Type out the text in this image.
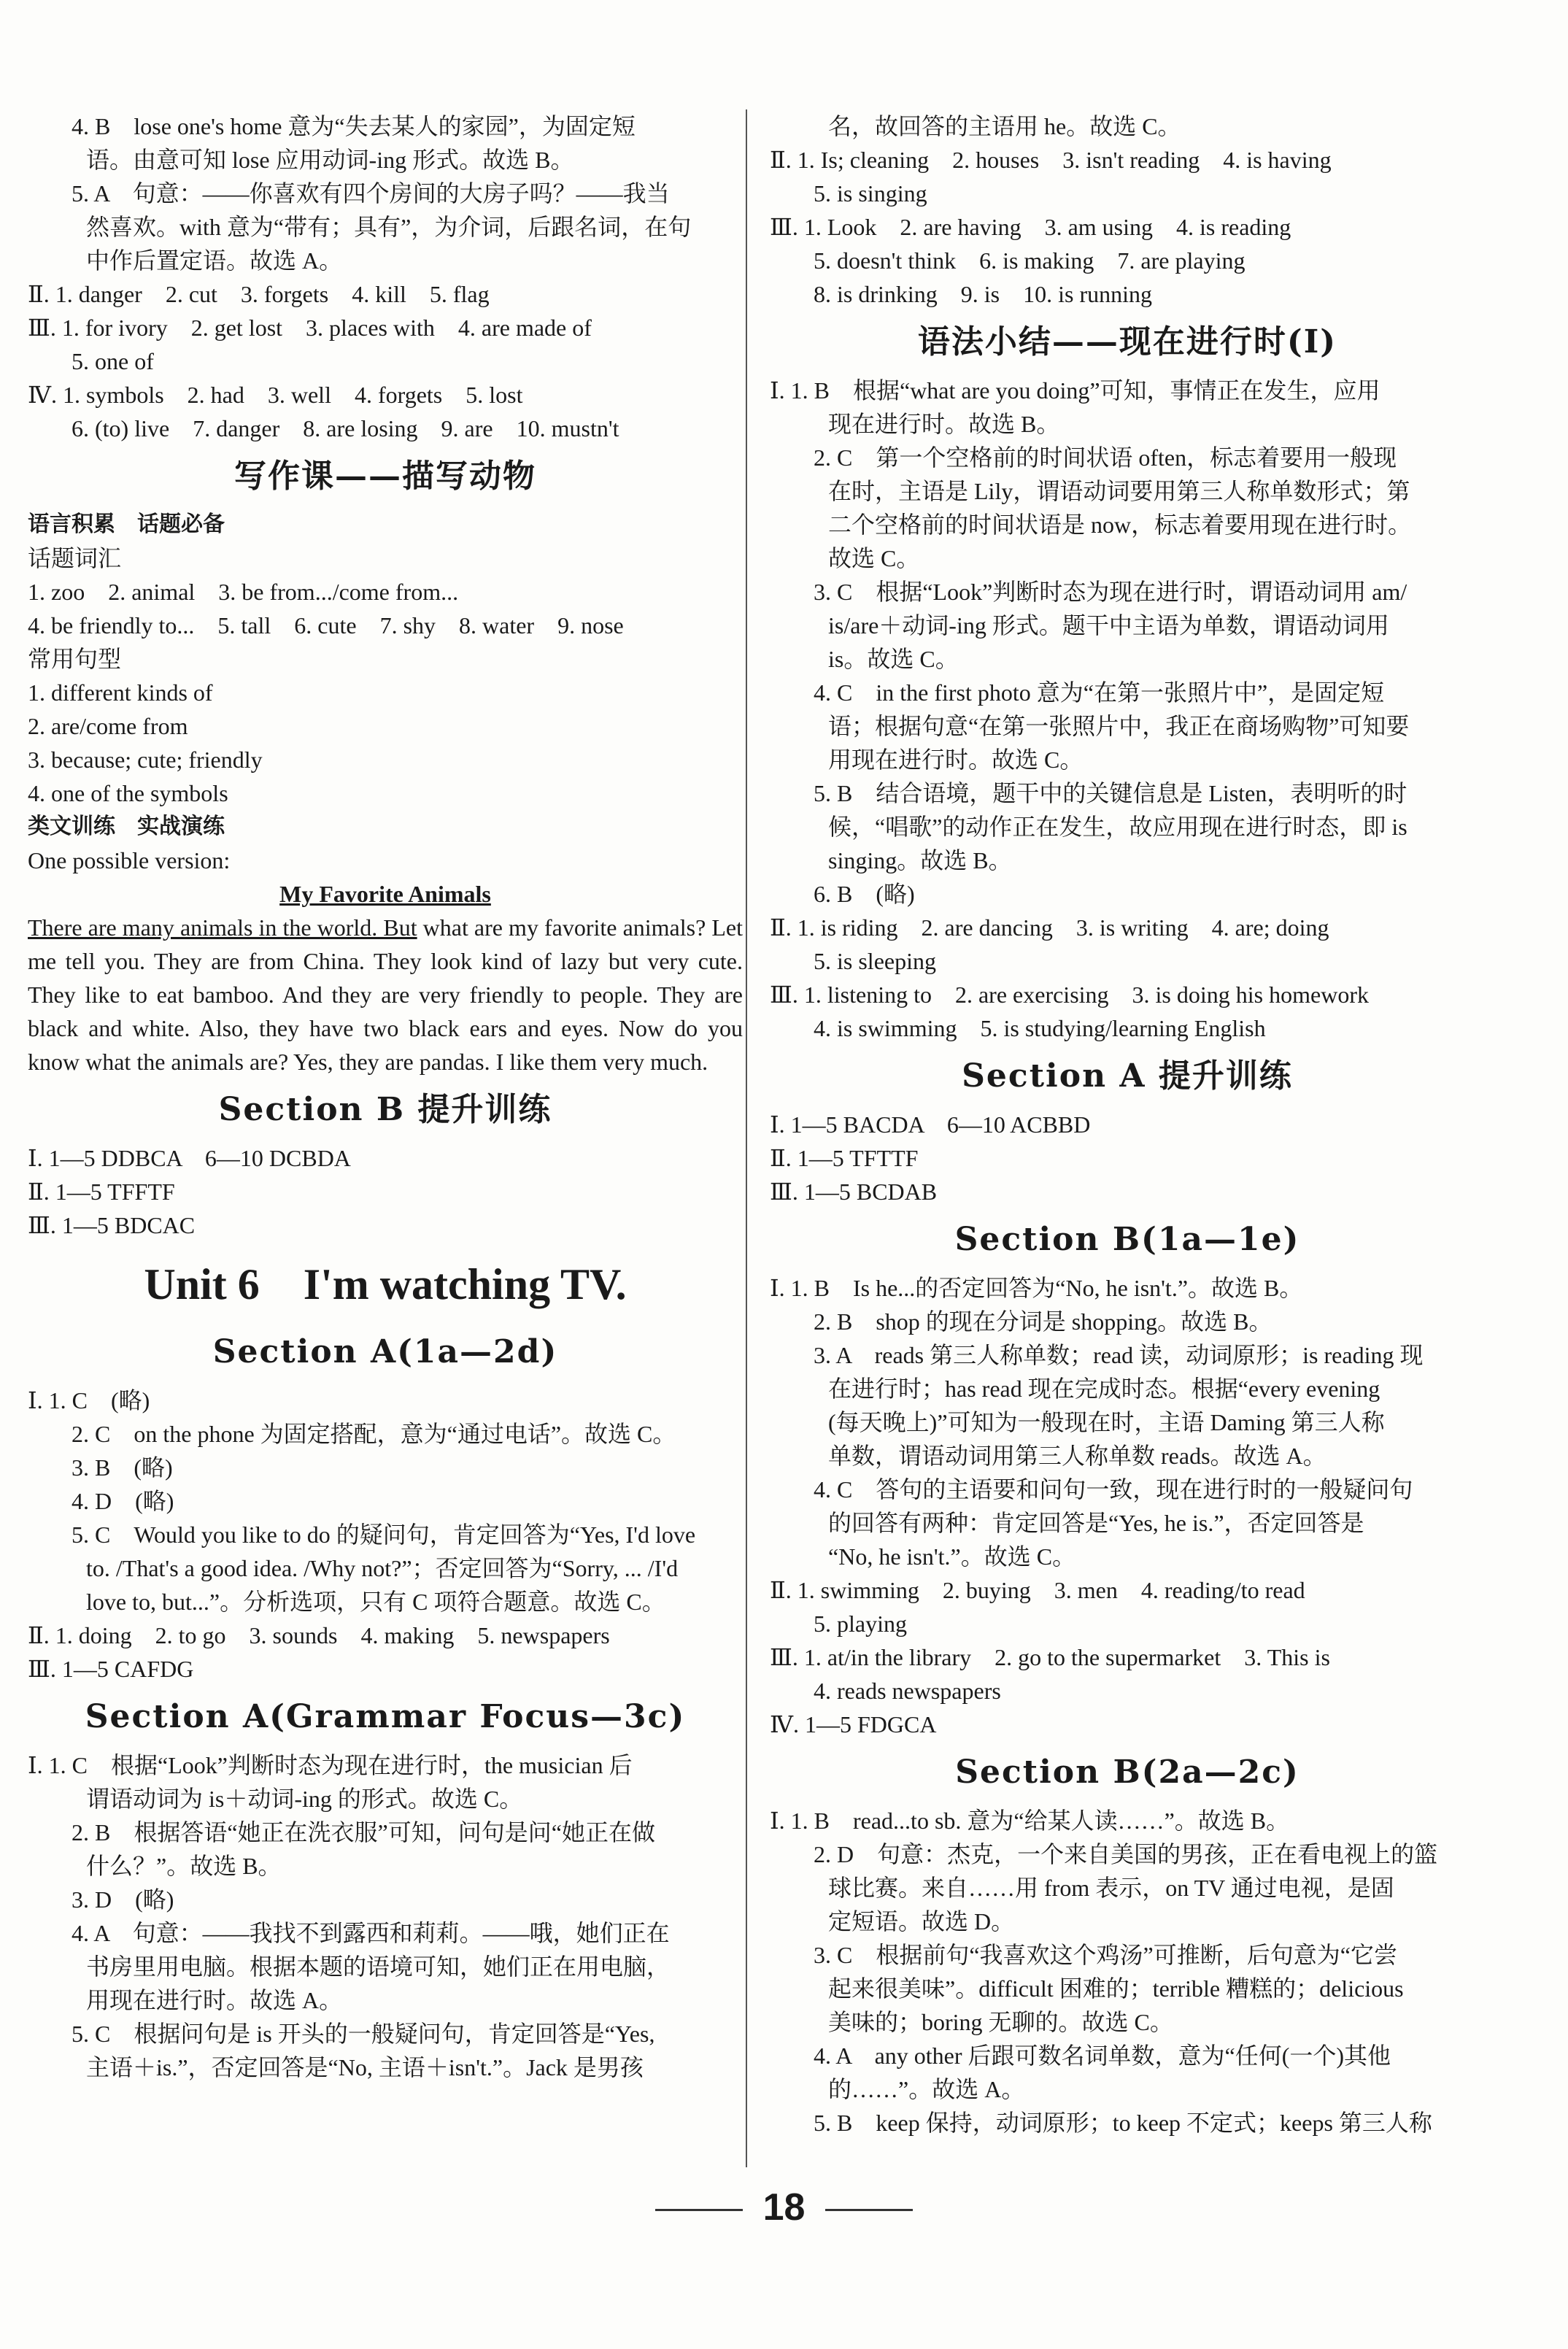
4. B　lose one's home 意为“失去某人的家园”，为固定短
语。由意可知 lose 应用动词-ing 形式。故选 B。
5. A　句意：——你喜欢有四个房间的大房子吗？——我当
然喜欢。with 意为“带有；具有”，为介词，后跟名词，在句
中作后置定语。故选 A。
Ⅱ. 1. danger　2. cut　3. forgets　4. kill　5. flag
Ⅲ. 1. for ivory　2. get lost　3. places with　4. are made of
5. one of
Ⅳ. 1. symbols　2. had　3. well　4. forgets　5. lost
6. (to) live　7. danger　8. are losing　9. are　10. mustn't
写作课——描写动物
语言积累　话题必备
话题词汇
1. zoo　2. animal　3. be from.../come from...
4. be friendly to...　5. tall　6. cute　7. shy　8. water　9. nose
常用句型
1. different kinds of
2. are/come from
3. because; cute; friendly
4. one of the symbols
类文训练　实战演练
One possible version:
My Favorite Animals
There are many animals in the world. But what are my favorite animals? Let me tell you. They are from China. They look kind of lazy but very cute. They like to eat bamboo. And they are very friendly to people. They are black and white. Also, they have two black ears and eyes. Now do you know what the animals are? Yes, they are pandas. I like them very much.
Section B 提升训练
Ⅰ. 1—5 DDBCA　6—10 DCBDA
Ⅱ. 1—5 TFFTF
Ⅲ. 1—5 BDCAC
Unit 6　I'm watching TV.
Section A(1a—2d)
Ⅰ. 1. C　(略)
2. C　on the phone 为固定搭配，意为“通过电话”。故选 C。
3. B　(略)
4. D　(略)
5. C　Would you like to do 的疑问句，肯定回答为“Yes, I'd love
to. /That's a good idea. /Why not?”；否定回答为“Sorry, ... /I'd
love to, but...”。分析选项，只有 C 项符合题意。故选 C。
Ⅱ. 1. doing　2. to go　3. sounds　4. making　5. newspapers
Ⅲ. 1—5 CAFDG
Section A(Grammar Focus—3c)
Ⅰ. 1. C　根据“Look”判断时态为现在进行时，the musician 后
谓语动词为 is＋动词-ing 的形式。故选 C。
2. B　根据答语“她正在洗衣服”可知，问句是问“她正在做
什么？”。故选 B。
3. D　(略)
4. A　句意：——我找不到露西和莉莉。——哦，她们正在
书房里用电脑。根据本题的语境可知，她们正在用电脑，
用现在进行时。故选 A。
5. C　根据问句是 is 开头的一般疑问句，肯定回答是“Yes,
主语＋is.”，否定回答是“No, 主语＋isn't.”。Jack 是男孩
名，故回答的主语用 he。故选 C。
Ⅱ. 1. Is; cleaning　2. houses　3. isn't reading　4. is having
5. is singing
Ⅲ. 1. Look　2. are having　3. am using　4. is reading
5. doesn't think　6. is making　7. are playing
8. is drinking　9. is　10. is running
语法小结——现在进行时(Ⅰ)
Ⅰ. 1. B　根据“what are you doing”可知，事情正在发生，应用
现在进行时。故选 B。
2. C　第一个空格前的时间状语 often，标志着要用一般现
在时，主语是 Lily，谓语动词要用第三人称单数形式；第
二个空格前的时间状语是 now，标志着要用现在进行时。
故选 C。
3. C　根据“Look”判断时态为现在进行时，谓语动词用 am/
is/are＋动词-ing 形式。题干中主语为单数，谓语动词用
is。故选 C。
4. C　in the first photo 意为“在第一张照片中”，是固定短
语；根据句意“在第一张照片中，我正在商场购物”可知要
用现在进行时。故选 C。
5. B　结合语境，题干中的关键信息是 Listen，表明听的时
候，“唱歌”的动作正在发生，故应用现在进行时态，即 is
singing。故选 B。
6. B　(略)
Ⅱ. 1. is riding　2. are dancing　3. is writing　4. are; doing
5. is sleeping
Ⅲ. 1. listening to　2. are exercising　3. is doing his homework
4. is swimming　5. is studying/learning English
Section A 提升训练
Ⅰ. 1—5 BACDA　6—10 ACBBD
Ⅱ. 1—5 TFTTF
Ⅲ. 1—5 BCDAB
Section B(1a—1e)
Ⅰ. 1. B　Is he...的否定回答为“No, he isn't.”。故选 B。
2. B　shop 的现在分词是 shopping。故选 B。
3. A　reads 第三人称单数；read 读，动词原形；is reading 现
在进行时；has read 现在完成时态。根据“every evening
(每天晚上)”可知为一般现在时，主语 Daming 第三人称
单数，谓语动词用第三人称单数 reads。故选 A。
4. C　答句的主语要和问句一致，现在进行时的一般疑问句
的回答有两种：肯定回答是“Yes, he is.”，否定回答是
“No, he isn't.”。故选 C。
Ⅱ. 1. swimming　2. buying　3. men　4. reading/to read
5. playing
Ⅲ. 1. at/in the library　2. go to the supermarket　3. This is
4. reads newspapers
Ⅳ. 1—5 FDGCA
Section B(2a—2c)
Ⅰ. 1. B　read...to sb. 意为“给某人读……”。故选 B。
2. D　句意：杰克，一个来自美国的男孩，正在看电视上的篮
球比赛。来自……用 from 表示，on TV 通过电视，是固
定短语。故选 D。
3. C　根据前句“我喜欢这个鸡汤”可推断，后句意为“它尝
起来很美味”。difficult 困难的；terrible 糟糕的；delicious
美味的；boring 无聊的。故选 C。
4. A　any other 后跟可数名词单数，意为“任何(一个)其他
的……”。故选 A。
5. B　keep 保持，动词原形；to keep 不定式；keeps 第三人称
18
